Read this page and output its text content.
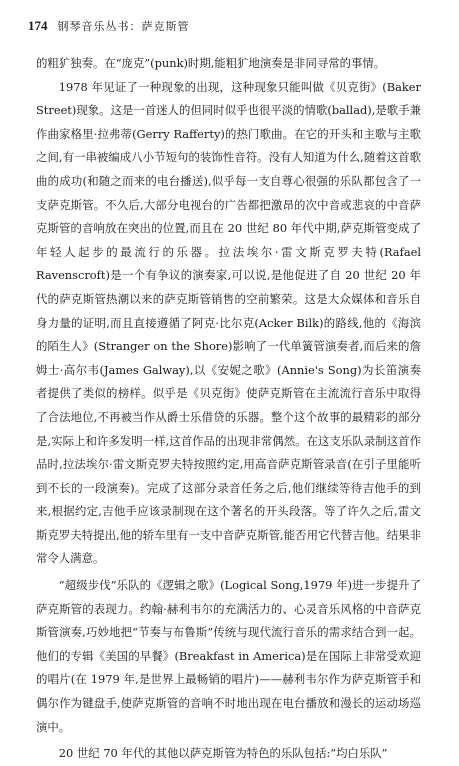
174 钢琴音乐丛书：萨克斯管

的粗犷独奏。在“庞克”(punk)时期,能粗犷地演奏是非同寻常的事情。

1978 年见证了一种现象的出现，这种现象只能叫做《贝克街》(Baker Street)现象。这是一首迷人的但同时似乎也很平淡的情歌(ballad),是歌手兼作曲家格里·拉弗蒂(Gerry Rafferty)的热门歌曲。在它的开头和主歌与主歌之间,有一串被编成八小节短句的装饰性音符。没有人知道为什么,随着这首歌曲的成功(和随之而来的电台播送),似乎每一支自尊心很强的乐队都包含了一支萨克斯管。不久后,大部分电视台的广告都把激昂的次中音或悲哀的中音萨克斯管的音响放在突出的位置,而且在 20 世纪 80 年代中期,萨克斯管变成了年轻人起步的最流行的乐器。拉法埃尔·雷文斯克罗夫特(Rafael Ravenscroft)是一个有争议的演奏家,可以说,是他促进了自 20 世纪 20 年代的萨克斯管热潮以来的萨克斯管销售的空前繁荣。这是大众媒体和音乐自身力量的证明,而且直接遵循了阿克·比尔克(Acker Bilk)的路线,他的《海滨的陌生人》(Stranger on the Shore)影响了一代单簧管演奏者,而后来的詹姆士·高尔韦(James Galway),以《安妮之歌》(Annie's Song)为长笛演奏者提供了类似的榜样。似乎是《贝克街》使萨克斯管在主流流行音乐中取得了合法地位,不再被当作从爵士乐借贷的乐器。整个这个故事的最精彩的部分是,实际上和许多发明一样,这首作品的出现非常偶然。在这支乐队录制这首作品时,拉法埃尔·雷文斯克罗夫特按照约定,用高音萨克斯管录音(在引子里能听到不长的一段演奏)。完成了这部分录音任务之后,他们继续等待吉他手的到来,根据约定,吉他手应该录制现在这个著名的开头段落。等了许久之后,雷文斯克罗夫特提出,他的轿车里有一支中音萨克斯管,能否用它代替吉他。结果非常令人满意。

“超级步伐”乐队的《逻辑之歌》(Logical Song,1979 年)进一步提升了萨克斯管的表现力。约翰·赫利韦尔的充满活力的、心灵音乐风格的中音萨克斯管演奏,巧妙地把“节奏与布鲁斯”传统与现代流行音乐的需求结合到一起。他们的专辑《美国的早餐》(Breakfast in America)是在国际上非常受欢迎的唱片(在 1979 年,是世界上最畅销的唱片)——赫利韦尔作为萨克斯管手和偶尔作为键盘手,使萨克斯管的音响不时地出现在电台播放和漫长的运动场巡演中。

20 世纪 70 年代的其他以萨克斯管为特色的乐队包括:“均白乐队”
